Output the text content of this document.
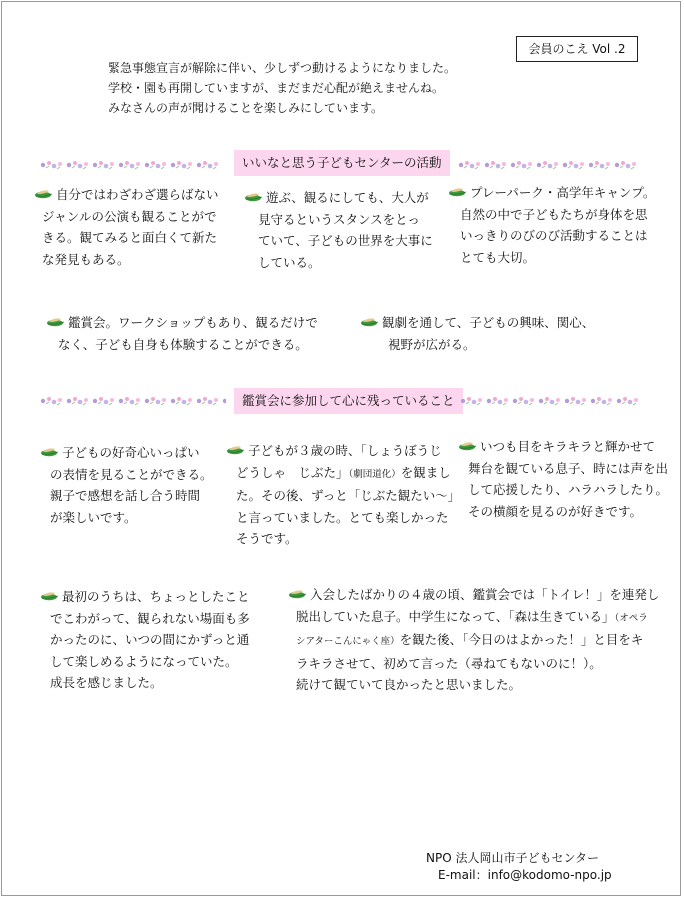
会員のこえ Vol .2
緊急事態宣言が解除に伴い、少しずつ動けるようになりました。
学校・園も再開していますが、まだまだ心配が絶えませんね。
みなさんの声が聞けることを楽しみにしています。
いいなと思う子どもセンターの活動
自分ではわざわざ選らばない
ジャンルの公演も観ることがで
きる。観てみると面白くて新た
な発見もある。
遊ぶ、観るにしても、大人が
見守るというスタンスをとっ
ていて、子どもの世界を大事に
している。
プレーパーク・高学年キャンプ。
自然の中で子どもたちが身体を思
いっきりのびのび活動することは
とても大切。
鑑賞会。ワークショップもあり、観るだけで
なく、子ども自身も体験することができる。
観劇を通して、子どもの興味、関心、
視野が広がる。
鑑賞会に参加して心に残っていること
子どもの好奇心いっぱい
の表情を見ることができる。
親子で感想を話し合う時間
が楽しいです。
子どもが３歳の時、「しょうぼうじ
どうしゃ　じぶた」（劇団道化）を観まし
た。その後、ずっと「じぶた観たい～」
と言っていました。とても楽しかった
そうです。
いつも目をキラキラと輝かせて
舞台を観ている息子、時には声を出
して応援したり、ハラハラしたり。
その横顔を見るのが好きです。
最初のうちは、ちょっとしたこと
でこわがって、観られない場面も多
かったのに、いつの間にかずっと通
して楽しめるようになっていた。
成長を感じました。
入会したばかりの４歳の頃、鑑賞会では「トイレ！」を連発し
脱出していた息子。中学生になって、「森は生きている」（オペラ
シアターこんにゃく座）を観た後、「今日のはよかった！」と目をキ
ラキラさせて、初めて言った（尋ねてもないのに！）。
続けて観ていて良かったと思いました。
NPO 法人岡山市子どもセンター
E-mail：info@kodomo-npo.jp
